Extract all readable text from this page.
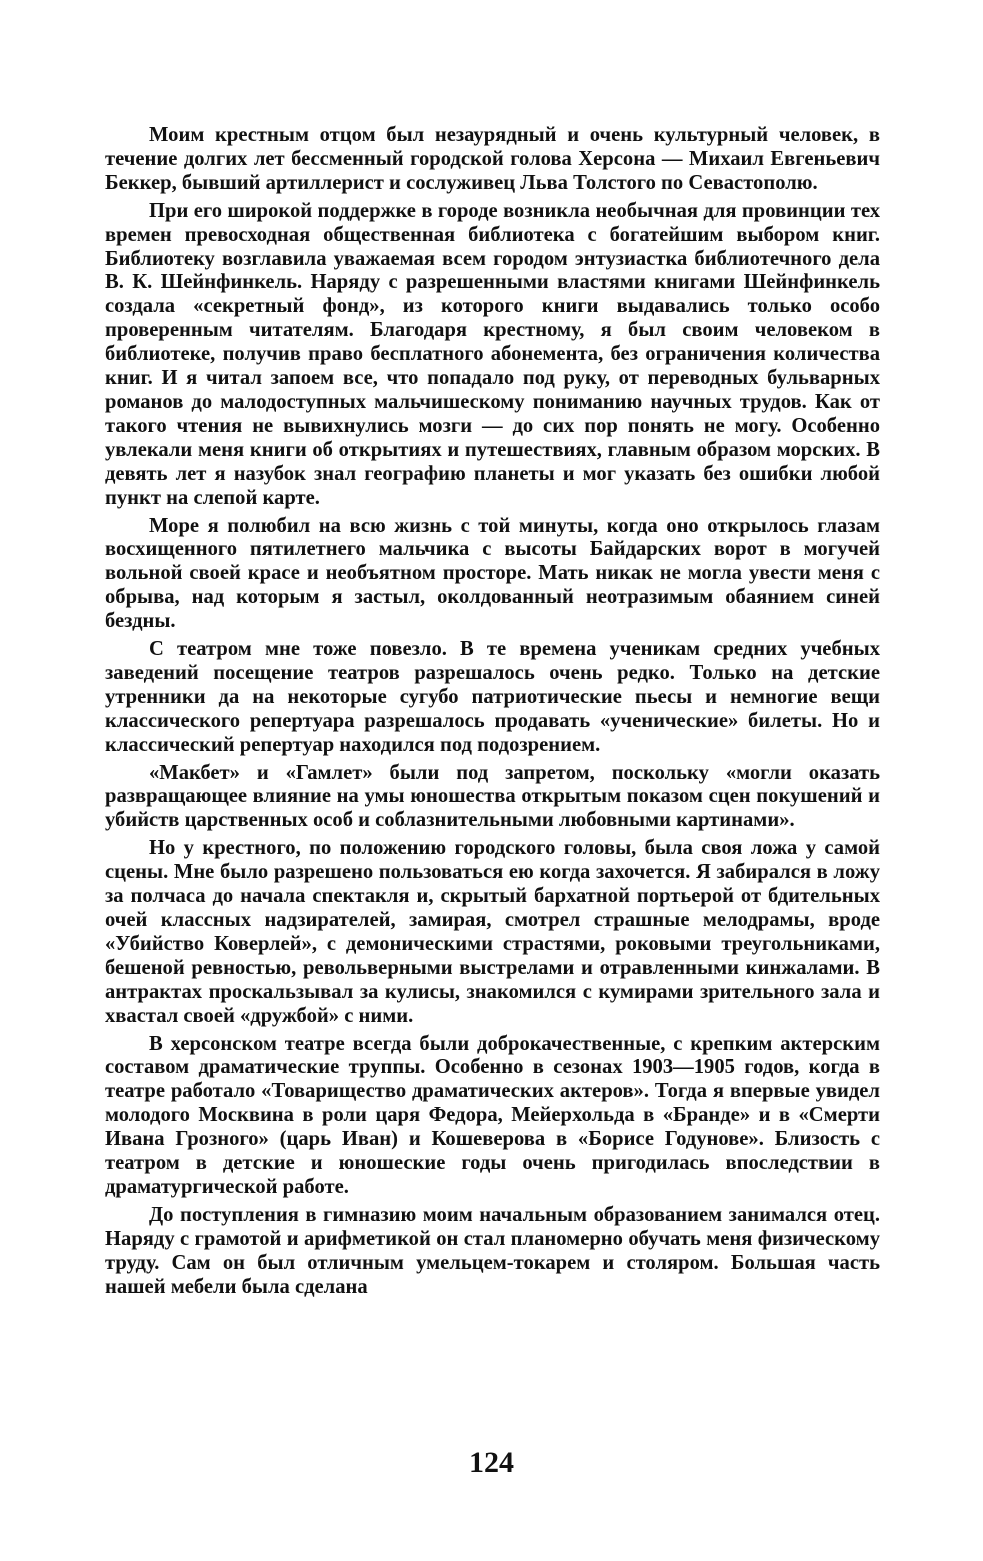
Моим крестным отцом был незаурядный и очень культурный человек, в течение долгих лет бессменный городской голова Херсона — Михаил Евгеньевич Беккер, бывший артиллерист и сослуживец Льва Толстого по Севастополю.

При его широкой поддержке в городе возникла необычная для провинции тех времен превосходная общественная библиотека с богатейшим выбором книг. Библиотеку возглавила уважаемая всем городом энтузиастка библиотечного дела В. К. Шейнфинкель. Наряду с разрешенными властями книгами Шейнфинкель создала «секретный фонд», из которого книги выдавались только особо проверенным читателям. Благодаря крестному, я был своим человеком в библиотеке, получив право бесплатного абонемента, без ограничения количества книг. И я читал запоем все, что попадало под руку, от переводных бульварных романов до малодоступных мальчишескому пониманию научных трудов. Как от такого чтения не вывихнулись мозги — до сих пор понять не могу. Особенно увлекали меня книги об открытиях и путешествиях, главным образом морских. В девять лет я назубок знал географию планеты и мог указать без ошибки любой пункт на слепой карте.

Море я полюбил на всю жизнь с той минуты, когда оно открылось глазам восхищенного пятилетнего мальчика с высоты Байдарских ворот в могучей вольной своей красе и необъятном просторе. Мать никак не могла увести меня с обрыва, над которым я застыл, околдованный неотразимым обаянием синей бездны.

С театром мне тоже повезло. В те времена ученикам средних учебных заведений посещение театров разрешалось очень редко. Только на детские утренники да на некоторые сугубо патриотические пьесы и немногие вещи классического репертуара разрешалось продавать «ученические» билеты. Но и классический репертуар находился под подозрением.

«Макбет» и «Гамлет» были под запретом, поскольку «могли оказать развращающее влияние на умы юношества открытым показом сцен покушений и убийств царственных особ и соблазнительными любовными картинами».

Но у крестного, по положению городского головы, была своя ложа у самой сцены. Мне было разрешено пользоваться ею когда захочется. Я забирался в ложу за полчаса до начала спектакля и, скрытый бархатной портьерой от бдительных очей классных надзирателей, замирая, смотрел страшные мелодрамы, вроде «Убийство Коверлей», с демоническими страстями, роковыми треугольниками, бешеной ревностью, револьверными выстрелами и отравленными кинжалами. В антрактах проскальзывал за кулисы, знакомился с кумирами зрительного зала и хвастал своей «дружбой» с ними.

В херсонском театре всегда были доброкачественные, с крепким актерским составом драматические труппы. Особенно в сезонах 1903—1905 годов, когда в театре работало «Товарищество драматических актеров». Тогда я впервые увидел молодого Москвина в роли царя Федора, Мейерхольда в «Бранде» и в «Смерти Ивана Грозного» (царь Иван) и Кошеверова в «Борисе Годунове». Близость с театром в детские и юношеские годы очень пригодилась впоследствии в драматургической работе.

До поступления в гимназию моим начальным образованием занимался отец. Наряду с грамотой и арифметикой он стал планомерно обучать меня физическому труду. Сам он был отличным умельцем-токарем и столяром. Большая часть нашей мебели была сделана

124
